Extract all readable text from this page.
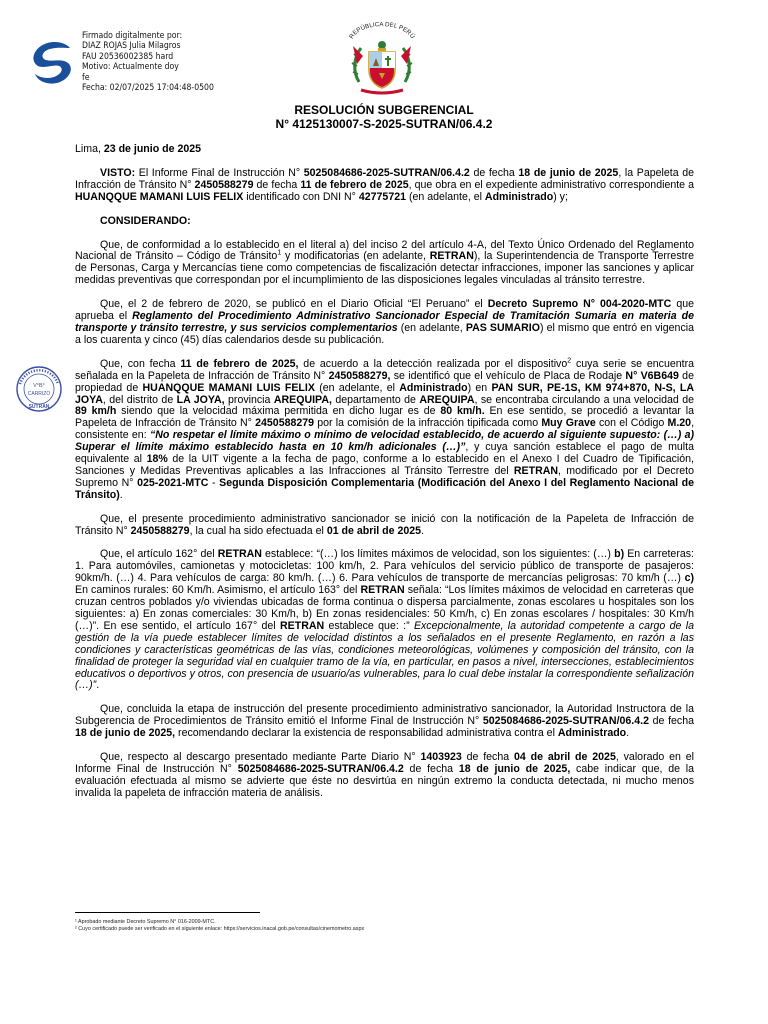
Firmado digitalmente por:
DIAZ ROJAS Julia Milagros
FAU 20536002385 hard
Motivo: Actualmente doy
fe
Fecha: 02/07/2025 17:04:48-0500
REPÚBLICA DEL PERÚ
RESOLUCIÓN SUBGERENCIAL
N° 4125130007-S-2025-SUTRAN/06.4.2
V°B°
CARRIZO
SUTRAN

Lima, 23 de junio de 2025

VISTO: El Informe Final de Instrucción N° 5025084686-2025-SUTRAN/06.4.2 de fecha 18 de junio de 2025, la Papeleta de Infracción de Tránsito N° 2450588279 de fecha 11 de febrero de 2025, que obra en el expediente administrativo correspondiente a HUANQQUE MAMANI LUIS FELIX identificado con DNI N° 42775721 (en adelante, el Administrado) y;

CONSIDERANDO:

Que, de conformidad a lo establecido en el literal a) del inciso 2 del artículo 4-A, del Texto Único Ordenado del Reglamento Nacional de Tránsito – Código de Tránsito$^1$ y modificatorias (en adelante, RETRAN), la Superintendencia de Transporte Terrestre de Personas, Carga y Mercancías tiene como competencias de fiscalización detectar infracciones, imponer las sanciones y aplicar medidas preventivas que correspondan por el incumplimiento de las disposiciones legales vinculadas al tránsito terrestre.

Que, el 2 de febrero de 2020, se publicó en el Diario Oficial “El Peruano” el Decreto Supremo N° 004-2020-MTC que aprueba el Reglamento del Procedimiento Administrativo Sancionador Especial de Tramitación Sumaria en materia de transporte y tránsito terrestre, y sus servicios complementarios (en adelante, PAS SUMARIO) el mismo que entró en vigencia a los cuarenta y cinco (45) días calendarios desde su publicación.

Que, con fecha 11 de febrero de 2025, de acuerdo a la detección realizada por el dispositivo$^2$ cuya serie se encuentra señalada en la Papeleta de Infracción de Tránsito N° 2450588279, se identificó que el vehículo de Placa de Rodaje N° V6B649 de propiedad de HUANQQUE MAMANI LUIS FELIX (en adelante, el Administrado) en PAN SUR, PE-1S, KM 974+870, N-S, LA JOYA, del distrito de LA JOYA, provincia AREQUIPA, departamento de AREQUIPA, se encontraba circulando a una velocidad de 89 km/h siendo que la velocidad máxima permitida en dicho lugar es de 80 km/h. En ese sentido, se procedió a levantar la Papeleta de Infracción de Tránsito N° 2450588279 por la comisión de la infracción tipificada como Muy Grave con el Código M.20, consistente en: “No respetar el límite máximo o mínimo de velocidad establecido, de acuerdo al siguiente supuesto: (…) a) Superar el límite máximo establecido hasta en 10 km/h adicionales (…)”, y cuya sanción establece el pago de multa equivalente al 18% de la UIT vigente a la fecha de pago, conforme a lo establecido en el Anexo I del Cuadro de Tipificación, Sanciones y Medidas Preventivas aplicables a las Infracciones al Tránsito Terrestre del RETRAN, modificado por el Decreto Supremo N° 025-2021-MTC - Segunda Disposición Complementaria (Modificación del Anexo I del Reglamento Nacional de Tránsito).

Que, el presente procedimiento administrativo sancionador se inició con la notificación de la Papeleta de Infracción de Tránsito N° 2450588279, la cual ha sido efectuada el 01 de abril de 2025.

Que, el artículo 162° del RETRAN establece: “(…) los límites máximos de velocidad, son los siguientes: (…) b) En carreteras: 1. Para automóviles, camionetas y motocicletas: 100 km/h, 2. Para vehículos del servicio público de transporte de pasajeros: 90km/h. (…) 4. Para vehículos de carga: 80 km/h. (…) 6. Para vehículos de transporte de mercancías peligrosas: 70 km/h (…) c) En caminos rurales: 60 Km/h. Asimismo, el artículo 163° del RETRAN señala: “Los límites máximos de velocidad en carreteras que cruzan centros poblados y/o viviendas ubicadas de forma continua o dispersa parcialmente, zonas escolares u hospitales son los siguientes: a) En zonas comerciales: 30 Km/h, b) En zonas residenciales: 50 Km/h, c) En zonas escolares / hospitales: 30 Km/h (…)”. En ese sentido, el artículo 167° del RETRAN establece que: :” Excepcionalmente, la autoridad competente a cargo de la gestión de la vía puede establecer límites de velocidad distintos a los señalados en el presente Reglamento, en razón a las condiciones y características geométricas de las vías, condiciones meteorológicas, volúmenes y composición del tránsito, con la finalidad de proteger la seguridad vial en cualquier tramo de la vía, en particular, en pasos a nivel, intersecciones, establecimientos educativos o deportivos y otros, con presencia de usuario/as vulnerables, para lo cual debe instalar la correspondiente señalización (…)”.

Que, concluida la etapa de instrucción del presente procedimiento administrativo sancionador, la Autoridad Instructora de la Subgerencia de Procedimientos de Tránsito emitió el Informe Final de Instrucción N° 5025084686-2025-SUTRAN/06.4.2 de fecha 18 de junio de 2025, recomendando declarar la existencia de responsabilidad administrativa contra el Administrado.

Que, respecto al descargo presentado mediante Parte Diario N° 1403923 de fecha 04 de abril de 2025, valorado en el Informe Final de Instrucción N° 5025084686-2025-SUTRAN/06.4.2 de fecha 18 de junio de 2025, cabe indicar que, de la evaluación efectuada al mismo se advierte que éste no desvirtúa en ningún extremo la conducta detectada, ni mucho menos invalida la papeleta de infracción materia de análisis.

¹ Aprobado mediante Decreto Supremo N° 016-2009-MTC.
² Cuyo certificado puede ser verificado en el siguiente enlace: https://servicios.inacal.gob.pe/consultas/cinemometro.aspx
